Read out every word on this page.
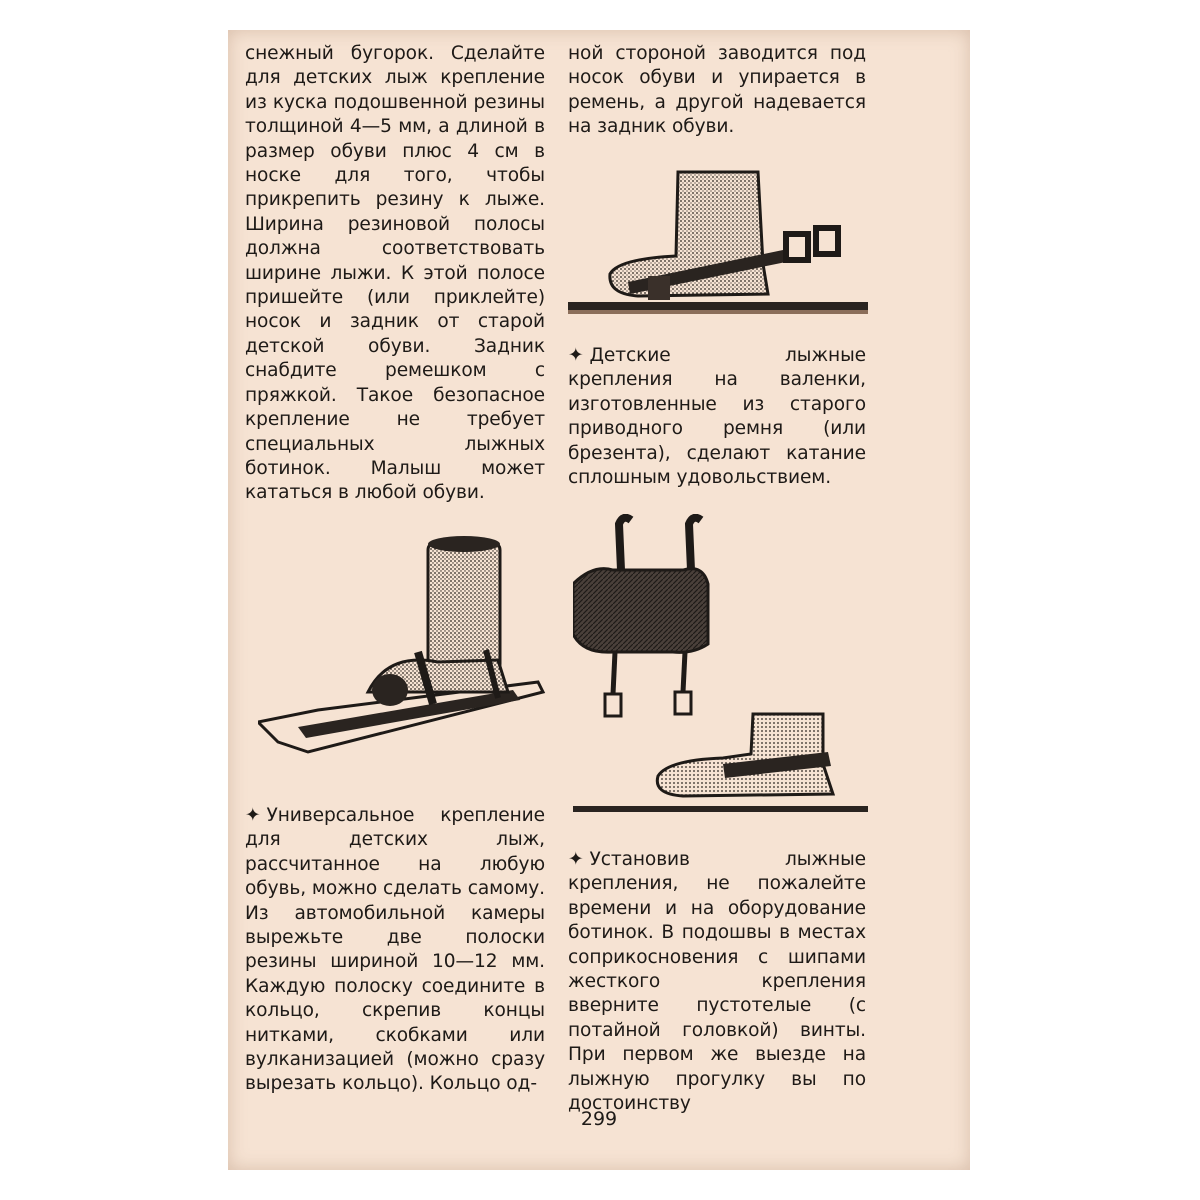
снежный бугорок. Сделайте для детских лыж крепление из куска подошвенной резины толщиной 4—5 мм, а длиной в размер обуви плюс 4 см в носке для того, чтобы прикрепить резину к лыже. Ширина резиновой полосы должна соответствовать ширине лыжи. К этой полосе пришейте (или приклейте) носок и задник от старой детской обуви. Задник снабдите ремешком с пряжкой. Такое безопасное крепление не требует специальных лыжных ботинок. Малыш может кататься в любой обуви.

ной стороной заводится под носок обуви и упирается в ремень, а другой надевается на задник обуви.

✦ Детские лыжные крепления на валенки, изготовленные из старого приводного ремня (или брезента), сделают катание сплошным удовольствием.

✦ Универсальное крепление для детских лыж, рассчитанное на любую обувь, можно сделать самому. Из автомобильной камеры вырежьте две полоски резины шириной 10—12 мм. Каждую полоску соедините в кольцо, скрепив концы нитками, скобками или вулканизацией (можно сразу вырезать кольцо). Кольцо од-

✦ Установив лыжные крепления, не пожалейте времени и на оборудование ботинок. В подошвы в местах соприкосновения с шипами жесткого крепления ввернитe пустотелые (с потайной головкой) винты. При первом же выезде на лыжную прогулку вы по достоинству

299
